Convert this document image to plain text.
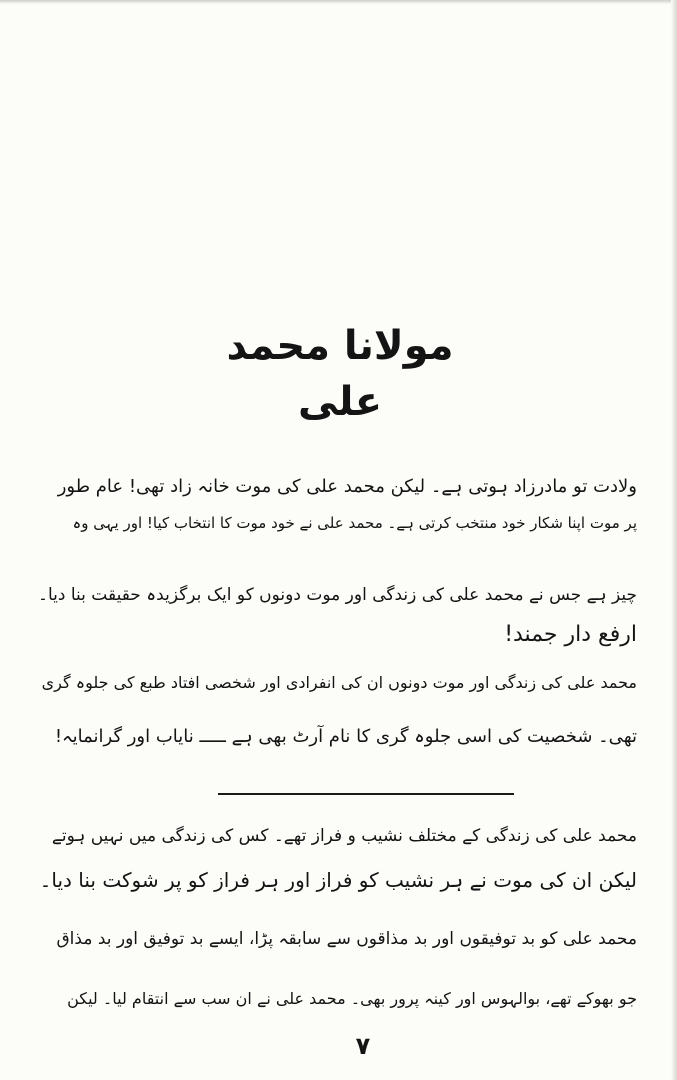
مولانا محمد علی
ولادت تو مادرزاد ہوتی ہے۔ لیکن محمد علی کی موت خانہ زاد تھی! عام طور
پر موت اپنا شکار خود منتخب کرتی ہے۔ محمد علی نے خود موت کا انتخاب کیا! اور یہی وہ
چیز ہے جس نے محمد علی کی زندگی اور موت دونوں کو ایک برگزیدہ حقیقت بنا دیا۔
ارفع دار جمند!
محمد علی کی زندگی اور موت دونوں ان کی انفرادی اور شخصی افتاد طبع کی جلوہ گری
تھی۔ شخصیت کی اسی جلوہ گری کا نام آرٹ بھی ہے ـــــ نایاب اور گرانمایہ!
محمد علی کی زندگی کے مختلف نشیب و فراز تھے۔ کس کی زندگی میں نہیں ہوتے
لیکن ان کی موت نے ہر نشیب کو فراز اور ہر فراز کو پر شوکت بنا دیا۔
محمد علی کو بد توفیقوں اور بد مذاقوں سے سابقہ پڑا، ایسے بد توفیق اور بد مذاق
جو بھوکے تھے، بوالہوس اور کینہ پرور بھی۔ محمد علی نے ان سب سے انتقام لیا۔ لیکن
۷
